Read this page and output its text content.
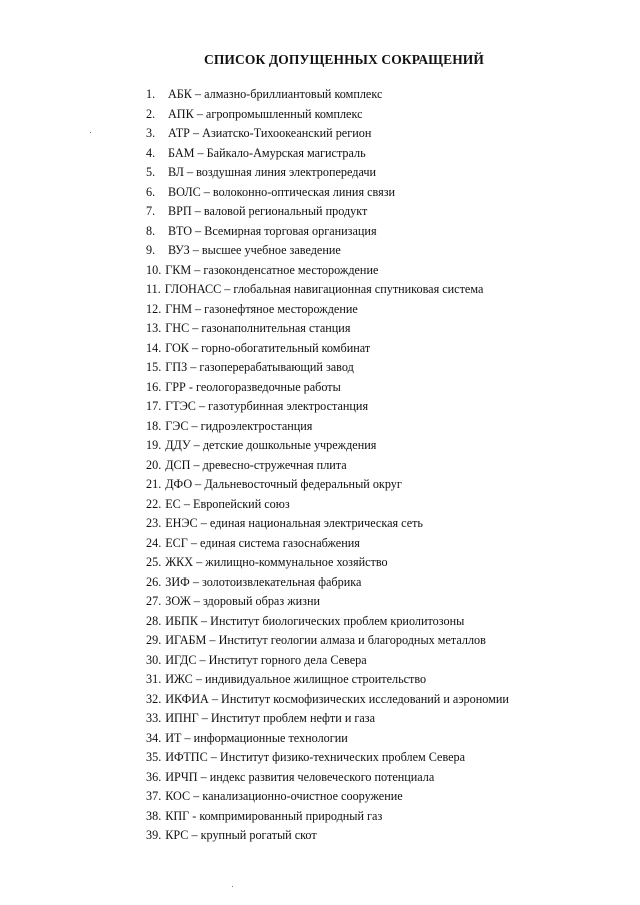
СПИСОК ДОПУЩЕННЫХ СОКРАЩЕНИЙ
1. АБК – алмазно-бриллиантовый комплекс
2. АПК – агропромышленный комплекс
3. АТР – Азиатско-Тихоокеанский регион
4. БАМ – Байкало-Амурская магистраль
5. ВЛ – воздушная линия электропередачи
6. ВОЛС – волоконно-оптическая линия связи
7. ВРП – валовой региональный продукт
8. ВТО – Всемирная торговая организация
9. ВУЗ – высшее учебное заведение
10. ГКМ – газоконденсатное месторождение
11. ГЛОНАСС – глобальная навигационная спутниковая система
12. ГНМ – газонефтяное месторождение
13. ГНС – газонаполнительная станция
14. ГОК – горно-обогатительный комбинат
15. ГПЗ – газоперерабатывающий завод
16. ГРР - геологоразведочные работы
17. ГТЭС – газотурбинная электростанция
18. ГЭС – гидроэлектростанция
19. ДДУ – детские дошкольные учреждения
20. ДСП – древесно-стружечная плита
21. ДФО – Дальневосточный федеральный округ
22. ЕС – Европейский союз
23. ЕНЭС – единая национальная электрическая сеть
24. ЕСГ – единая система газоснабжения
25. ЖКХ – жилищно-коммунальное хозяйство
26. ЗИФ – золотоизвлекательная фабрика
27. ЗОЖ – здоровый образ жизни
28. ИБПК – Институт биологических проблем криолитозоны
29. ИГАБМ – Институт геологии алмаза и благородных металлов
30. ИГДС – Институт горного дела Севера
31. ИЖС – индивидуальное жилищное строительство
32. ИКФИА – Институт космофизических исследований и аэрономии
33. ИПНГ – Институт проблем нефти и газа
34. ИТ – информационные технологии
35. ИФТПС – Институт физико-технических проблем Севера
36. ИРЧП – индекс развития человеческого потенциала
37. КОС – канализационно-очистное сооружение
38. КПГ - компримированный природный газ
39. КРС – крупный рогатый скот
